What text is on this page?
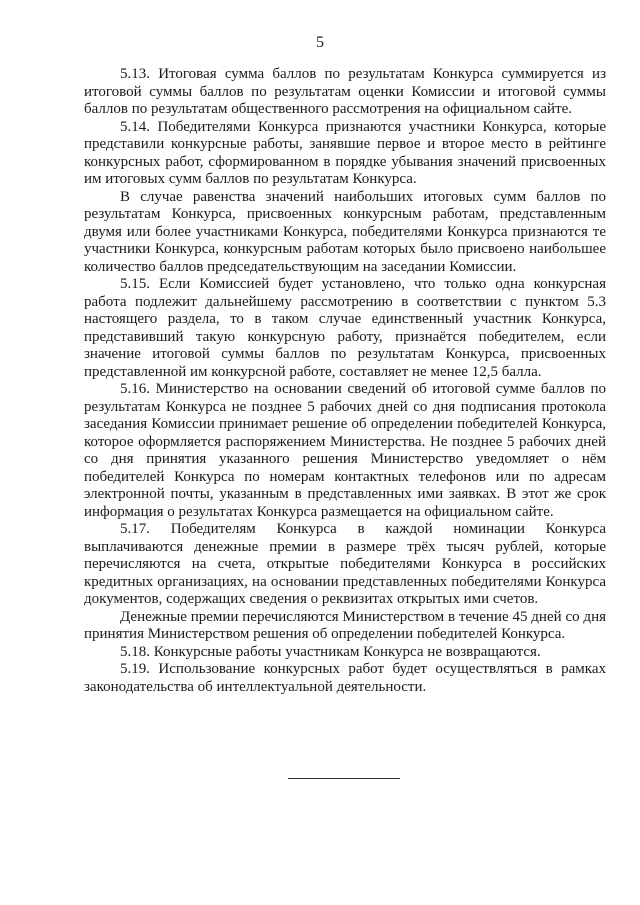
5

5.13. Итоговая сумма баллов по результатам Конкурса суммируется из итоговой суммы баллов по результатам оценки Комиссии и итоговой суммы баллов по результатам общественного рассмотрения на официальном сайте.

5.14. Победителями Конкурса признаются участники Конкурса, которые представили конкурсные работы, занявшие первое и второе место в рейтинге конкурсных работ, сформированном в порядке убывания значений присвоенных им итоговых сумм баллов по результатам Конкурса.

В случае равенства значений наибольших итоговых сумм баллов по результатам Конкурса, присвоенных конкурсным работам, представленным двумя или более участниками Конкурса, победителями Конкурса признаются те участники Конкурса, конкурсным работам которых было присвоено наибольшее количество баллов председательствующим на заседании Комиссии.

5.15. Если Комиссией будет установлено, что только одна конкурсная работа подлежит дальнейшему рассмотрению в соответствии с пунктом 5.3 настоящего раздела, то в таком случае единственный участник Конкурса, представивший такую конкурсную работу, признаётся победителем, если значение итоговой суммы баллов по результатам Конкурса, присвоенных представленной им конкурсной работе, составляет не менее 12,5 балла.

5.16. Министерство на основании сведений об итоговой сумме баллов по результатам Конкурса не позднее 5 рабочих дней со дня подписания протокола заседания Комиссии принимает решение об определении победителей Конкурса, которое оформляется распоряжением Министерства. Не позднее 5 рабочих дней со дня принятия указанного решения Министерство уведомляет о нём победителей Конкурса по номерам контактных телефонов или по адресам электронной почты, указанным в представленных ими заявках. В этот же срок информация о результатах Конкурса размещается на официальном сайте.

5.17. Победителям Конкурса в каждой номинации Конкурса выплачиваются денежные премии в размере трёх тысяч рублей, которые перечисляются на счета, открытые победителями Конкурса в российских кредитных организациях, на основании представленных победителями Конкурса документов, содержащих сведения о реквизитах открытых ими счетов.

Денежные премии перечисляются Министерством в течение 45 дней со дня принятия Министерством решения об определении победителей Конкурса.

5.18. Конкурсные работы участникам Конкурса не возвращаются.

5.19. Использование конкурсных работ будет осуществляться в рамках законодательства об интеллектуальной деятельности.
